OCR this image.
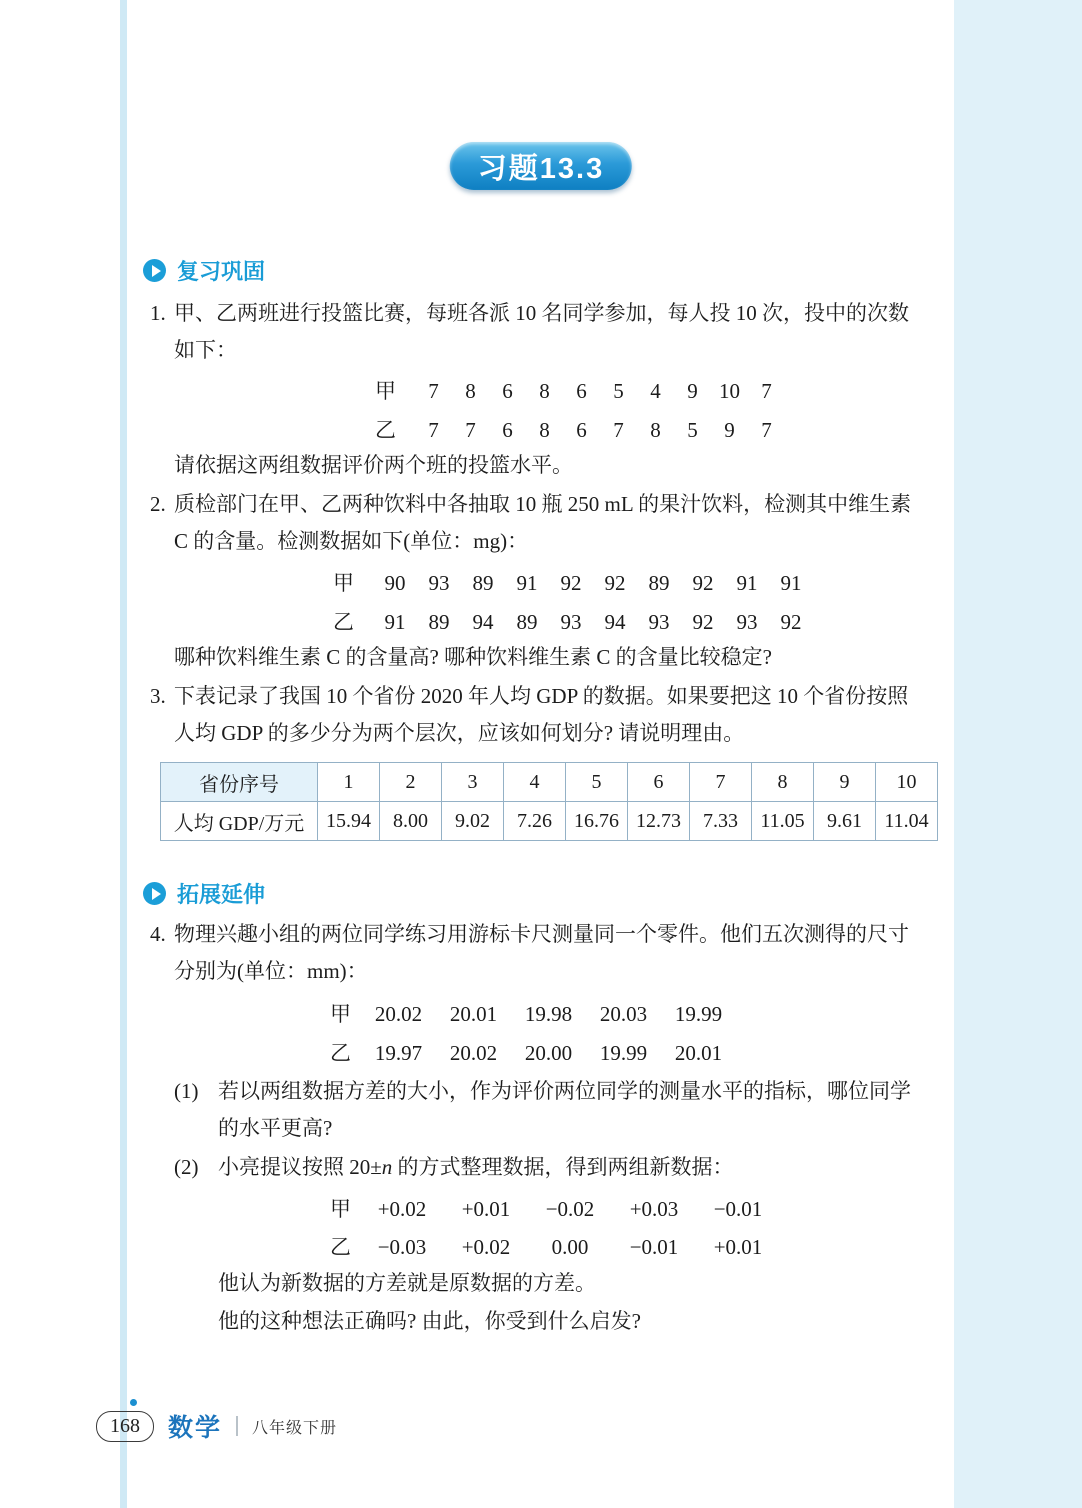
习题13.3
复习巩固
1. 甲、乙两班进行投篮比赛，每班各派 10 名同学参加，每人投 10 次，投中的次数
如下：
甲	7	8	6	8	6	5	4	9	10	7
乙	7	7	6	8	6	7	8	5	9	7
请依据这两组数据评价两个班的投篮水平。
2. 质检部门在甲、乙两种饮料中各抽取 10 瓶 250 mL 的果汁饮料，检测其中维生素
C 的含量。检测数据如下(单位：mg)：
甲	90	93	89	91	92	92	89	92	91	91
乙	91	89	94	89	93	94	93	92	93	92
哪种饮料维生素 C 的含量高? 哪种饮料维生素 C 的含量比较稳定?
3. 下表记录了我国 10 个省份 2020 年人均 GDP 的数据。如果要把这 10 个省份按照
人均 GDP 的多少分为两个层次，应该如何划分? 请说明理由。
省份序号	1	2	3	4	5	6	7	8	9	10
人均 GDP/万元	15.94	8.00	9.02	7.26	16.76	12.73	7.33	11.05	9.61	11.04
拓展延伸
4. 物理兴趣小组的两位同学练习用游标卡尺测量同一个零件。他们五次测得的尺寸
分别为(单位：mm)：
甲	20.02 20.01 19.98 20.03 19.99
乙	19.97 20.02 20.00 19.99 20.01
(1) 若以两组数据方差的大小，作为评价两位同学的测量水平的指标，哪位同学
的水平更高?
(2) 小亮提议按照 20±n 的方式整理数据，得到两组新数据：
甲	+0.02	+0.01	−0.02	+0.03	−0.01
乙	−0.03	+0.02	0.00	−0.01	+0.01
他认为新数据的方差就是原数据的方差。
他的这种想法正确吗? 由此，你受到什么启发?
168	数学 八年级下册
